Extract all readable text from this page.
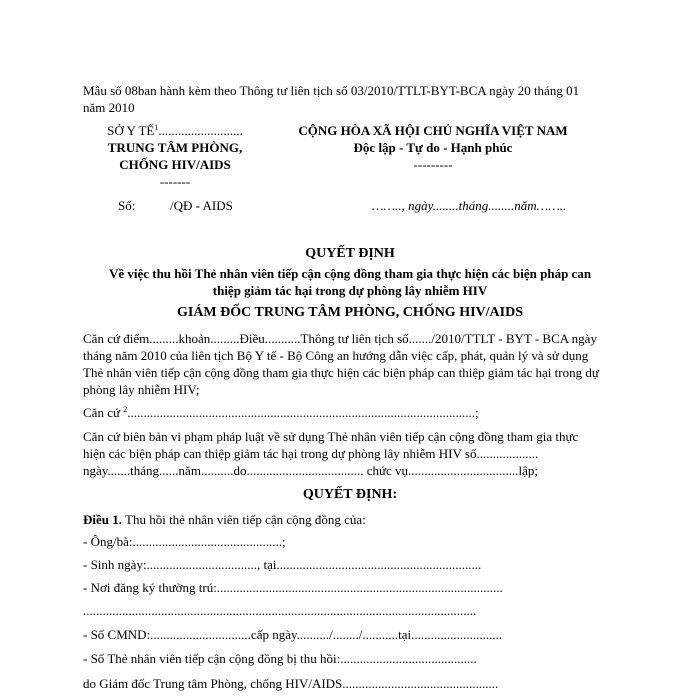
Mẫu số 08ban hành kèm theo Thông tư liên tịch số 03/2010/TTLT-BYT-BCA ngày 20 tháng 01
năm 2010
SỞ Y TẾ$^1$..........................
TRUNG TÂM PHÒNG,
CHỐNG HIV/AIDS
-------
Số:	/QĐ - AIDS
CỘNG HÒA XÃ HỘI CHỦ NGHĨA VIỆT NAM
Độc lập - Tự do - Hạnh phúc
---------
…….., ngày........tháng........năm……..
QUYẾT ĐỊNH
Về việc thu hồi Thẻ nhân viên tiếp cận cộng đồng tham gia thực hiện các biện pháp can
thiệp giảm tác hại trong dự phòng lây nhiễm HIV
GIÁM ĐỐC TRUNG TÂM PHÒNG, CHỐNG HIV/AIDS
Căn cứ điểm.........khoản.........Điều...........Thông tư liên tịch số......./2010/TTLT - BYT - BCA ngày
tháng năm 2010 của liên tịch Bộ Y tế - Bộ Công an hướng dẫn việc cấp, phát, quản lý và sử dụng
Thẻ nhân viên tiếp cận cộng đồng tham gia thực hiện các biện pháp can thiệp giảm tác hại trong dự
phòng lây nhiễm HIV;
Căn cứ $^2$...........................................................................................................;
Căn cứ biên bản vi phạm pháp luật về sử dụng Thẻ nhân viên tiếp cận cộng đồng tham gia thực
hiện các biện pháp can thiệp giảm tác hại trong dự phòng lây nhiễm HIV số...................
ngày.......tháng......năm..........do.................................... chức vụ..................................lập;
QUYẾT ĐỊNH:
Điều 1. Thu hồi thẻ nhân viên tiếp cận cộng đồng của:
- Ông/bà:..............................................;
- Sinh ngày:.................................., tại...............................................................
- Nơi đăng ký thường trú:........................................................................................
.........................................................................................................................
- Số CMND:...............................cấp ngày........../......../...........tại............................
- Số Thẻ nhân viên tiếp cận cộng đồng bị thu hồi:..........................................
do Giám đốc Trung tâm Phòng, chống HIV/AIDS................................................
